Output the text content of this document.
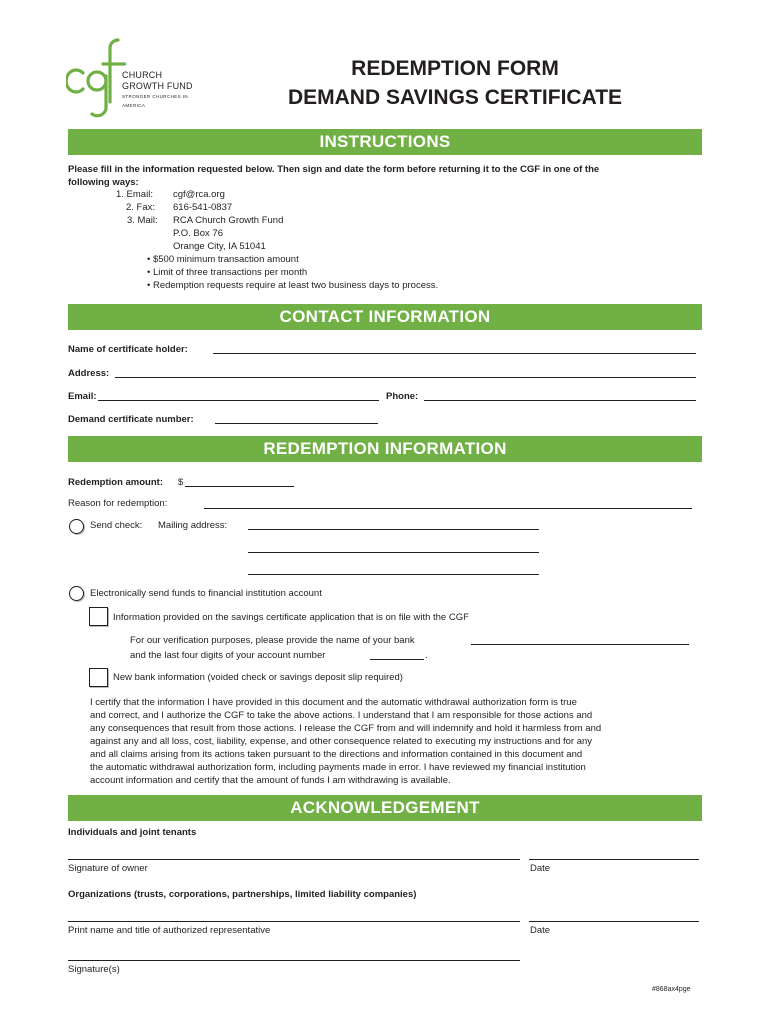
CHURCH
GROWTH FUND
STRONGER CHURCHES IN AMERICA
REDEMPTION FORM
DEMAND SAVINGS CERTIFICATE
INSTRUCTIONS
Please fill in the information requested below. Then sign and date the form before returning it to the CGF in one of the
following ways:
1. Email: cgf@rca.org
2. Fax: 616-541-0837
3. Mail: RCA Church Growth Fund
P.O. Box 76
Orange City, IA 51041
• $500 minimum transaction amount
• Limit of three transactions per month
• Redemption requests require at least two business days to process.
CONTACT INFORMATION
Name of certificate holder:
Address:
Email:	Phone:
Demand certificate number:
REDEMPTION INFORMATION
Redemption amount: $
Reason for redemption:
Send check: Mailing address:
Electronically send funds to financial institution account
Information provided on the savings certificate application that is on file with the CGF
For our verification purposes, please provide the name of your bank
and the last four digits of your account number	.
New bank information (voided check or savings deposit slip required)
I certify that the information I have provided in this document and the automatic withdrawal authorization form is true
and correct, and I authorize the CGF to take the above actions. I understand that I am responsible for those actions and
any consequences that result from those actions. I release the CGF from and will indemnify and hold it harmless from and
against any and all loss, cost, liability, expense, and other consequence related to executing my instructions and for any
and all claims arising from its actions taken pursuant to the directions and information contained in this document and
the automatic withdrawal authorization form, including payments made in error. I have reviewed my financial institution
account information and certify that the amount of funds I am withdrawing is available.
ACKNOWLEDGEMENT
Individuals and joint tenants
Signature of owner	Date
Organizations (trusts, corporations, partnerships, limited liability companies)
Print name and title of authorized representative	Date
Signature(s)
#868ax4pge
